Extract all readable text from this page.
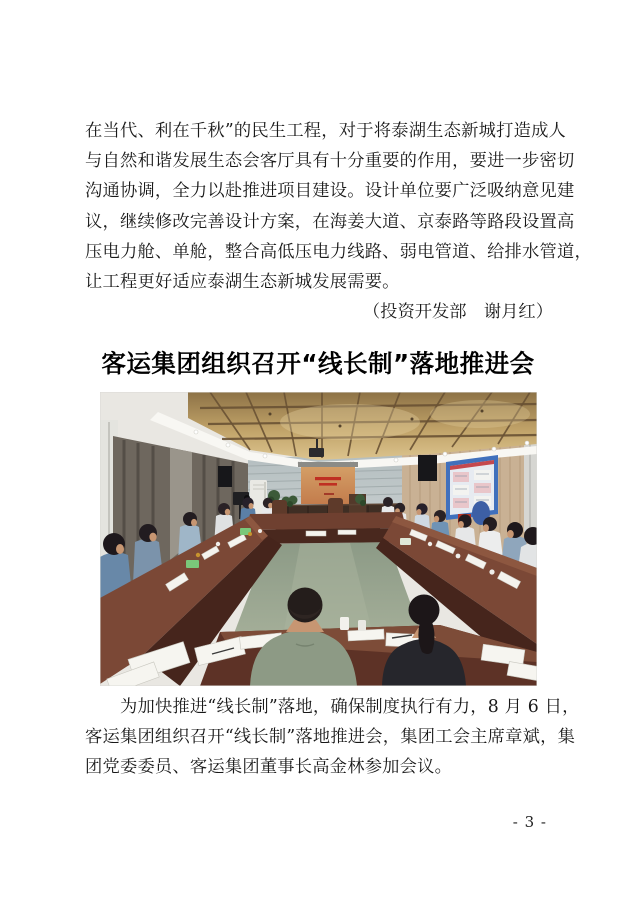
在当代、利在千秋”的民生工程，对于将泰湖生态新城打造成人

与自然和谐发展生态会客厅具有十分重要的作用，要进一步密切

沟通协调，全力以赴推进项目建设。设计单位要广泛吸纳意见建

议，继续修改完善设计方案，在海姜大道、京泰路等路段设置高

压电力舱、单舱，整合高低压电力线路、弱电管道、给排水管道，

让工程更好适应泰湖生态新城发展需要。

（投资开发部　谢月红）

客运集团组织召开“线长制”落地推进会

为加快推进“线长制”落地，确保制度执行有力，8 月 6 日，

客运集团组织召开“线长制”落地推进会，集团工会主席章斌，集

团党委委员、客运集团董事长高金林参加会议。

- 3 -
